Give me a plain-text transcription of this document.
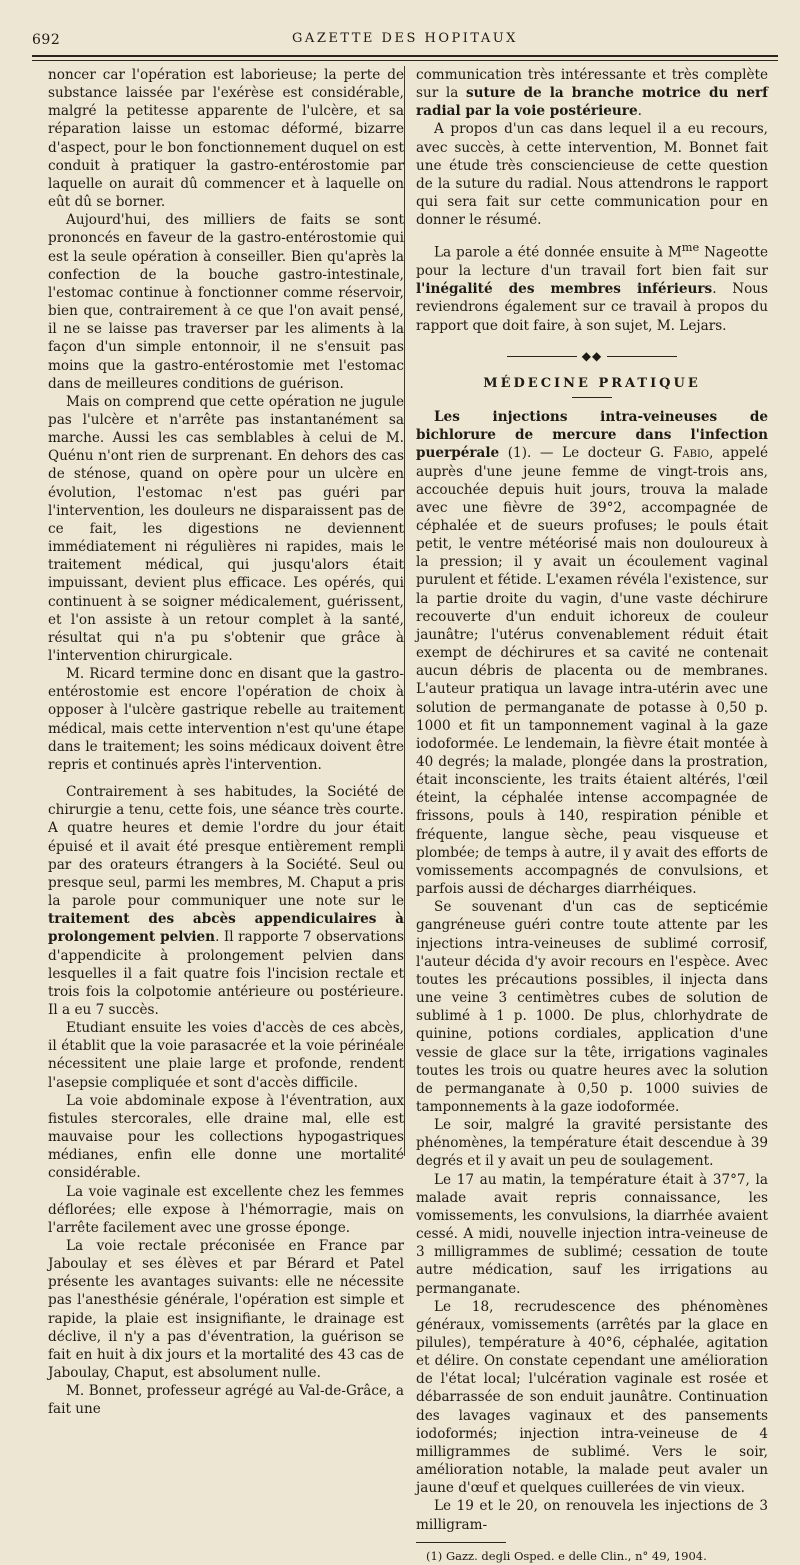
692	GAZETTE DES HOPITAUX

noncer car l'opération est laborieuse; la perte de substance laissée par l'exérèse est considérable, malgré la petitesse apparente de l'ulcère, et sa réparation laisse un estomac déformé, bizarre d'aspect, pour le bon fonctionnement duquel on est conduit à pratiquer la gastro-entérostomie par laquelle on aurait dû commencer et à laquelle on eût dû se borner.

Aujourd'hui, des milliers de faits se sont prononcés en faveur de la gastro-entérostomie qui est la seule opération à conseiller. Bien qu'après la confection de la bouche gastro-intestinale, l'estomac continue à fonctionner comme réservoir, bien que, contrairement à ce que l'on avait pensé, il ne se laisse pas traverser par les aliments à la façon d'un simple entonnoir, il ne s'ensuit pas moins que la gastro-entérostomie met l'estomac dans de meilleures conditions de guérison.

Mais on comprend que cette opération ne jugule pas l'ulcère et n'arrête pas instantanément sa marche. Aussi les cas semblables à celui de M. Quénu n'ont rien de surprenant. En dehors des cas de sténose, quand on opère pour un ulcère en évolution, l'estomac n'est pas guéri par l'intervention, les douleurs ne disparaissent pas de ce fait, les digestions ne deviennent immédiatement ni régulières ni rapides, mais le traitement médical, qui jusqu'alors était impuissant, devient plus efficace. Les opérés, qui continuent à se soigner médicalement, guérissent, et l'on assiste à un retour complet à la santé, résultat qui n'a pu s'obtenir que grâce à l'intervention chirurgicale.

M. Ricard termine donc en disant que la gastro-entérostomie est encore l'opération de choix à opposer à l'ulcère gastrique rebelle au traitement médical, mais cette intervention n'est qu'une étape dans le traitement; les soins médicaux doivent être repris et continués après l'intervention.

Contrairement à ses habitudes, la Société de chirurgie a tenu, cette fois, une séance très courte. A quatre heures et demie l'ordre du jour était épuisé et il avait été presque entièrement rempli par des orateurs étrangers à la Société. Seul ou presque seul, parmi les membres, M. Chaput a pris la parole pour communiquer une note sur le traitement des abcès appendiculaires à prolongement pelvien. Il rapporte 7 observations d'appendicite à prolongement pelvien dans lesquelles il a fait quatre fois l'incision rectale et trois fois la colpotomie antérieure ou postérieure. Il a eu 7 succès.

Etudiant ensuite les voies d'accès de ces abcès, il établit que la voie parasacrée et la voie périnéale nécessitent une plaie large et profonde, rendent l'asepsie compliquée et sont d'accès difficile.

La voie abdominale expose à l'éventration, aux fistules stercorales, elle draine mal, elle est mauvaise pour les collections hypogastriques médianes, enfin elle donne une mortalité considérable.

La voie vaginale est excellente chez les femmes déflorées; elle expose à l'hémorragie, mais on l'arrête facilement avec une grosse éponge.

La voie rectale préconisée en France par Jaboulay et ses élèves et par Bérard et Patel présente les avantages suivants: elle ne nécessite pas l'anesthésie générale, l'opération est simple et rapide, la plaie est insignifiante, le drainage est déclive, il n'y a pas d'éventration, la guérison se fait en huit à dix jours et la mortalité des 43 cas de Jaboulay, Chaput, est absolument nulle.

M. Bonnet, professeur agrégé au Val-de-Grâce, a fait une

communication très intéressante et très complète sur la suture de la branche motrice du nerf radial par la voie postérieure.

A propos d'un cas dans lequel il a eu recours, avec succès, à cette intervention, M. Bonnet fait une étude très consciencieuse de cette question de la suture du radial. Nous attendrons le rapport qui sera fait sur cette communication pour en donner le résumé.

La parole a été donnée ensuite à $M^{me}$ Nageotte pour la lecture d'un travail fort bien fait sur l'inégalité des membres inférieurs. Nous reviendrons également sur ce travail à propos du rapport que doit faire, à son sujet, M. Lejars.

◆◆
MÉDECINE PRATIQUE

Les injections intra-veineuses de bichlorure de mercure dans l'infection puerpérale (1). — Le docteur G. Fabio, appelé auprès d'une jeune femme de vingt-trois ans, accouchée depuis huit jours, trouva la malade avec une fièvre de 39°2, accompagnée de céphalée et de sueurs profuses; le pouls était petit, le ventre météorisé mais non douloureux à la pression; il y avait un écoulement vaginal purulent et fétide. L'examen révéla l'existence, sur la partie droite du vagin, d'une vaste déchirure recouverte d'un enduit ichoreux de couleur jaunâtre; l'utérus convenablement réduit était exempt de déchirures et sa cavité ne contenait aucun débris de placenta ou de membranes. L'auteur pratiqua un lavage intra-utérin avec une solution de permanganate de potasse à 0,50 p. 1000 et fit un tamponnement vaginal à la gaze iodoformée. Le lendemain, la fièvre était montée à 40 degrés; la malade, plongée dans la prostration, était inconsciente, les traits étaient altérés, l'œil éteint, la céphalée intense accompagnée de frissons, pouls à 140, respiration pénible et fréquente, langue sèche, peau visqueuse et plombée; de temps à autre, il y avait des efforts de vomissements accompagnés de convulsions, et parfois aussi de décharges diarrhéiques.

Se souvenant d'un cas de septicémie gangréneuse guéri contre toute attente par les injections intra-veineuses de sublimé corrosif, l'auteur décida d'y avoir recours en l'espèce. Avec toutes les précautions possibles, il injecta dans une veine 3 centimètres cubes de solution de sublimé à 1 p. 1000. De plus, chlorhydrate de quinine, potions cordiales, application d'une vessie de glace sur la tête, irrigations vaginales toutes les trois ou quatre heures avec la solution de permanganate à 0,50 p. 1000 suivies de tamponnements à la gaze iodoformée.

Le soir, malgré la gravité persistante des phénomènes, la température était descendue à 39 degrés et il y avait un peu de soulagement.

Le 17 au matin, la température était à 37°7, la malade avait repris connaissance, les vomissements, les convulsions, la diarrhée avaient cessé. A midi, nouvelle injection intra-veineuse de 3 milligrammes de sublimé; cessation de toute autre médication, sauf les irrigations au permanganate.

Le 18, recrudescence des phénomènes généraux, vomissements (arrêtés par la glace en pilules), température à 40°6, céphalée, agitation et délire. On constate cependant une amélioration de l'état local; l'ulcération vaginale est rosée et débarrassée de son enduit jaunâtre. Continuation des lavages vaginaux et des pansements iodoformés; injection intra-veineuse de 4 milligrammes de sublimé. Vers le soir, amélioration notable, la malade peut avaler un jaune d'œuf et quelques cuillerées de vin vieux.

Le 19 et le 20, on renouvela les injections de 3 milligram-

(1) Gazz. degli Osped. e delle Clin., n° 49, 1904.
